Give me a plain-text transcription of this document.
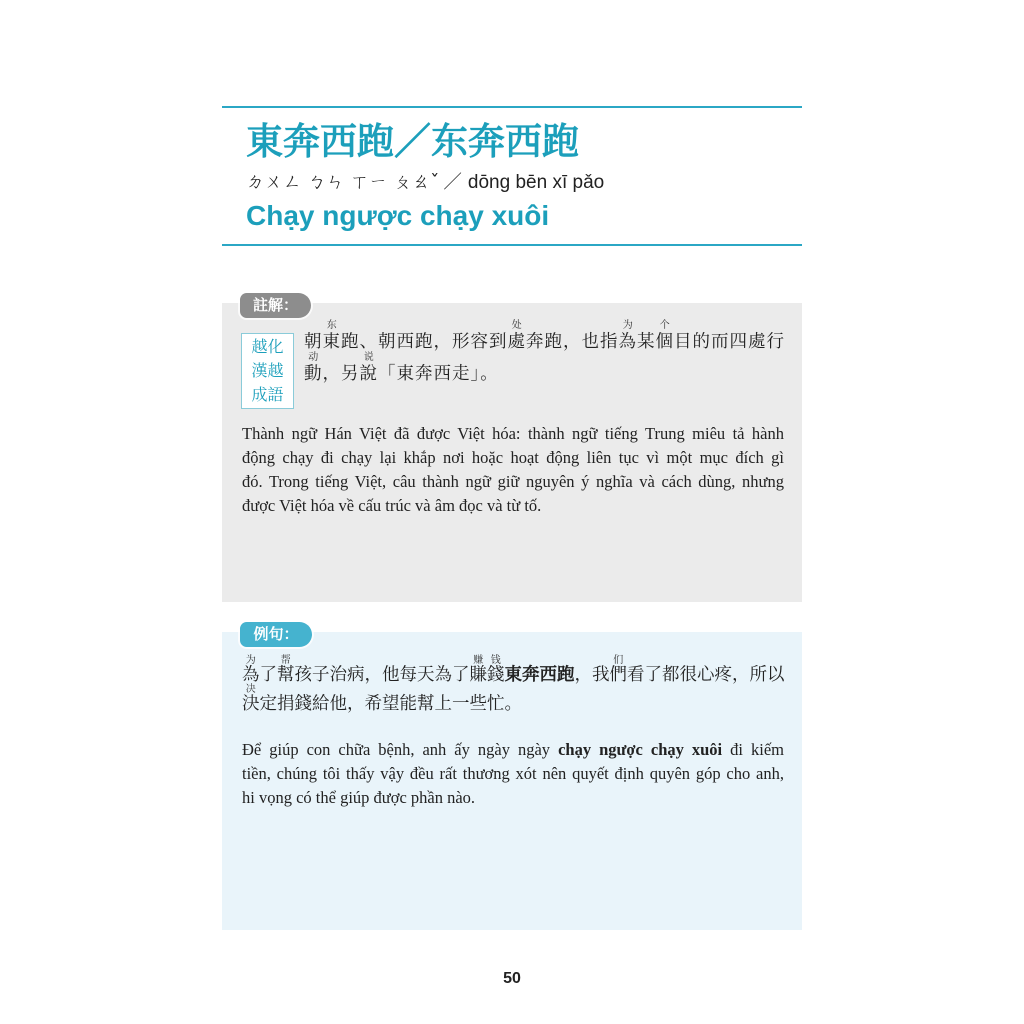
東奔西跑／东奔西跑
ㄉㄨㄥ ㄅㄣ ㄒㄧ ㄆㄠˇ ／ dōng bēn xī pǎo
Chạy ngược chạy xuôi
註解：
越化
漢越
成語
朝東
东
跑、朝西跑，形容到處
处
奔跑，也指為
为
某個
个
目的而四處行
動
动
，另說
说
「東奔西走」。
Thành ngữ Hán Việt đã được Việt hóa: thành ngữ tiếng Trung miêu tả hành
động chạy đi chạy lại khắp nơi hoặc hoạt động liên tục vì một mục đích gì
đó. Trong tiếng Việt, câu thành ngữ giữ nguyên ý nghĩa và cách dùng, nhưng
được Việt hóa về cấu trúc và âm đọc và từ tố.
例句：
為
为
了幫
帮
孩子治病，他每天為了賺
赚
錢
钱
東奔西跑，我們
们
看了都很心疼，所以
決
决
定捐錢給他，希望能幫上一些忙。
Để giúp con chữa bệnh, anh ấy ngày ngày chạy ngược chạy xuôi đi kiếm
tiền, chúng tôi thấy vậy đều rất thương xót nên quyết định quyên góp cho anh,
hi vọng có thể giúp được phần nào.
50
